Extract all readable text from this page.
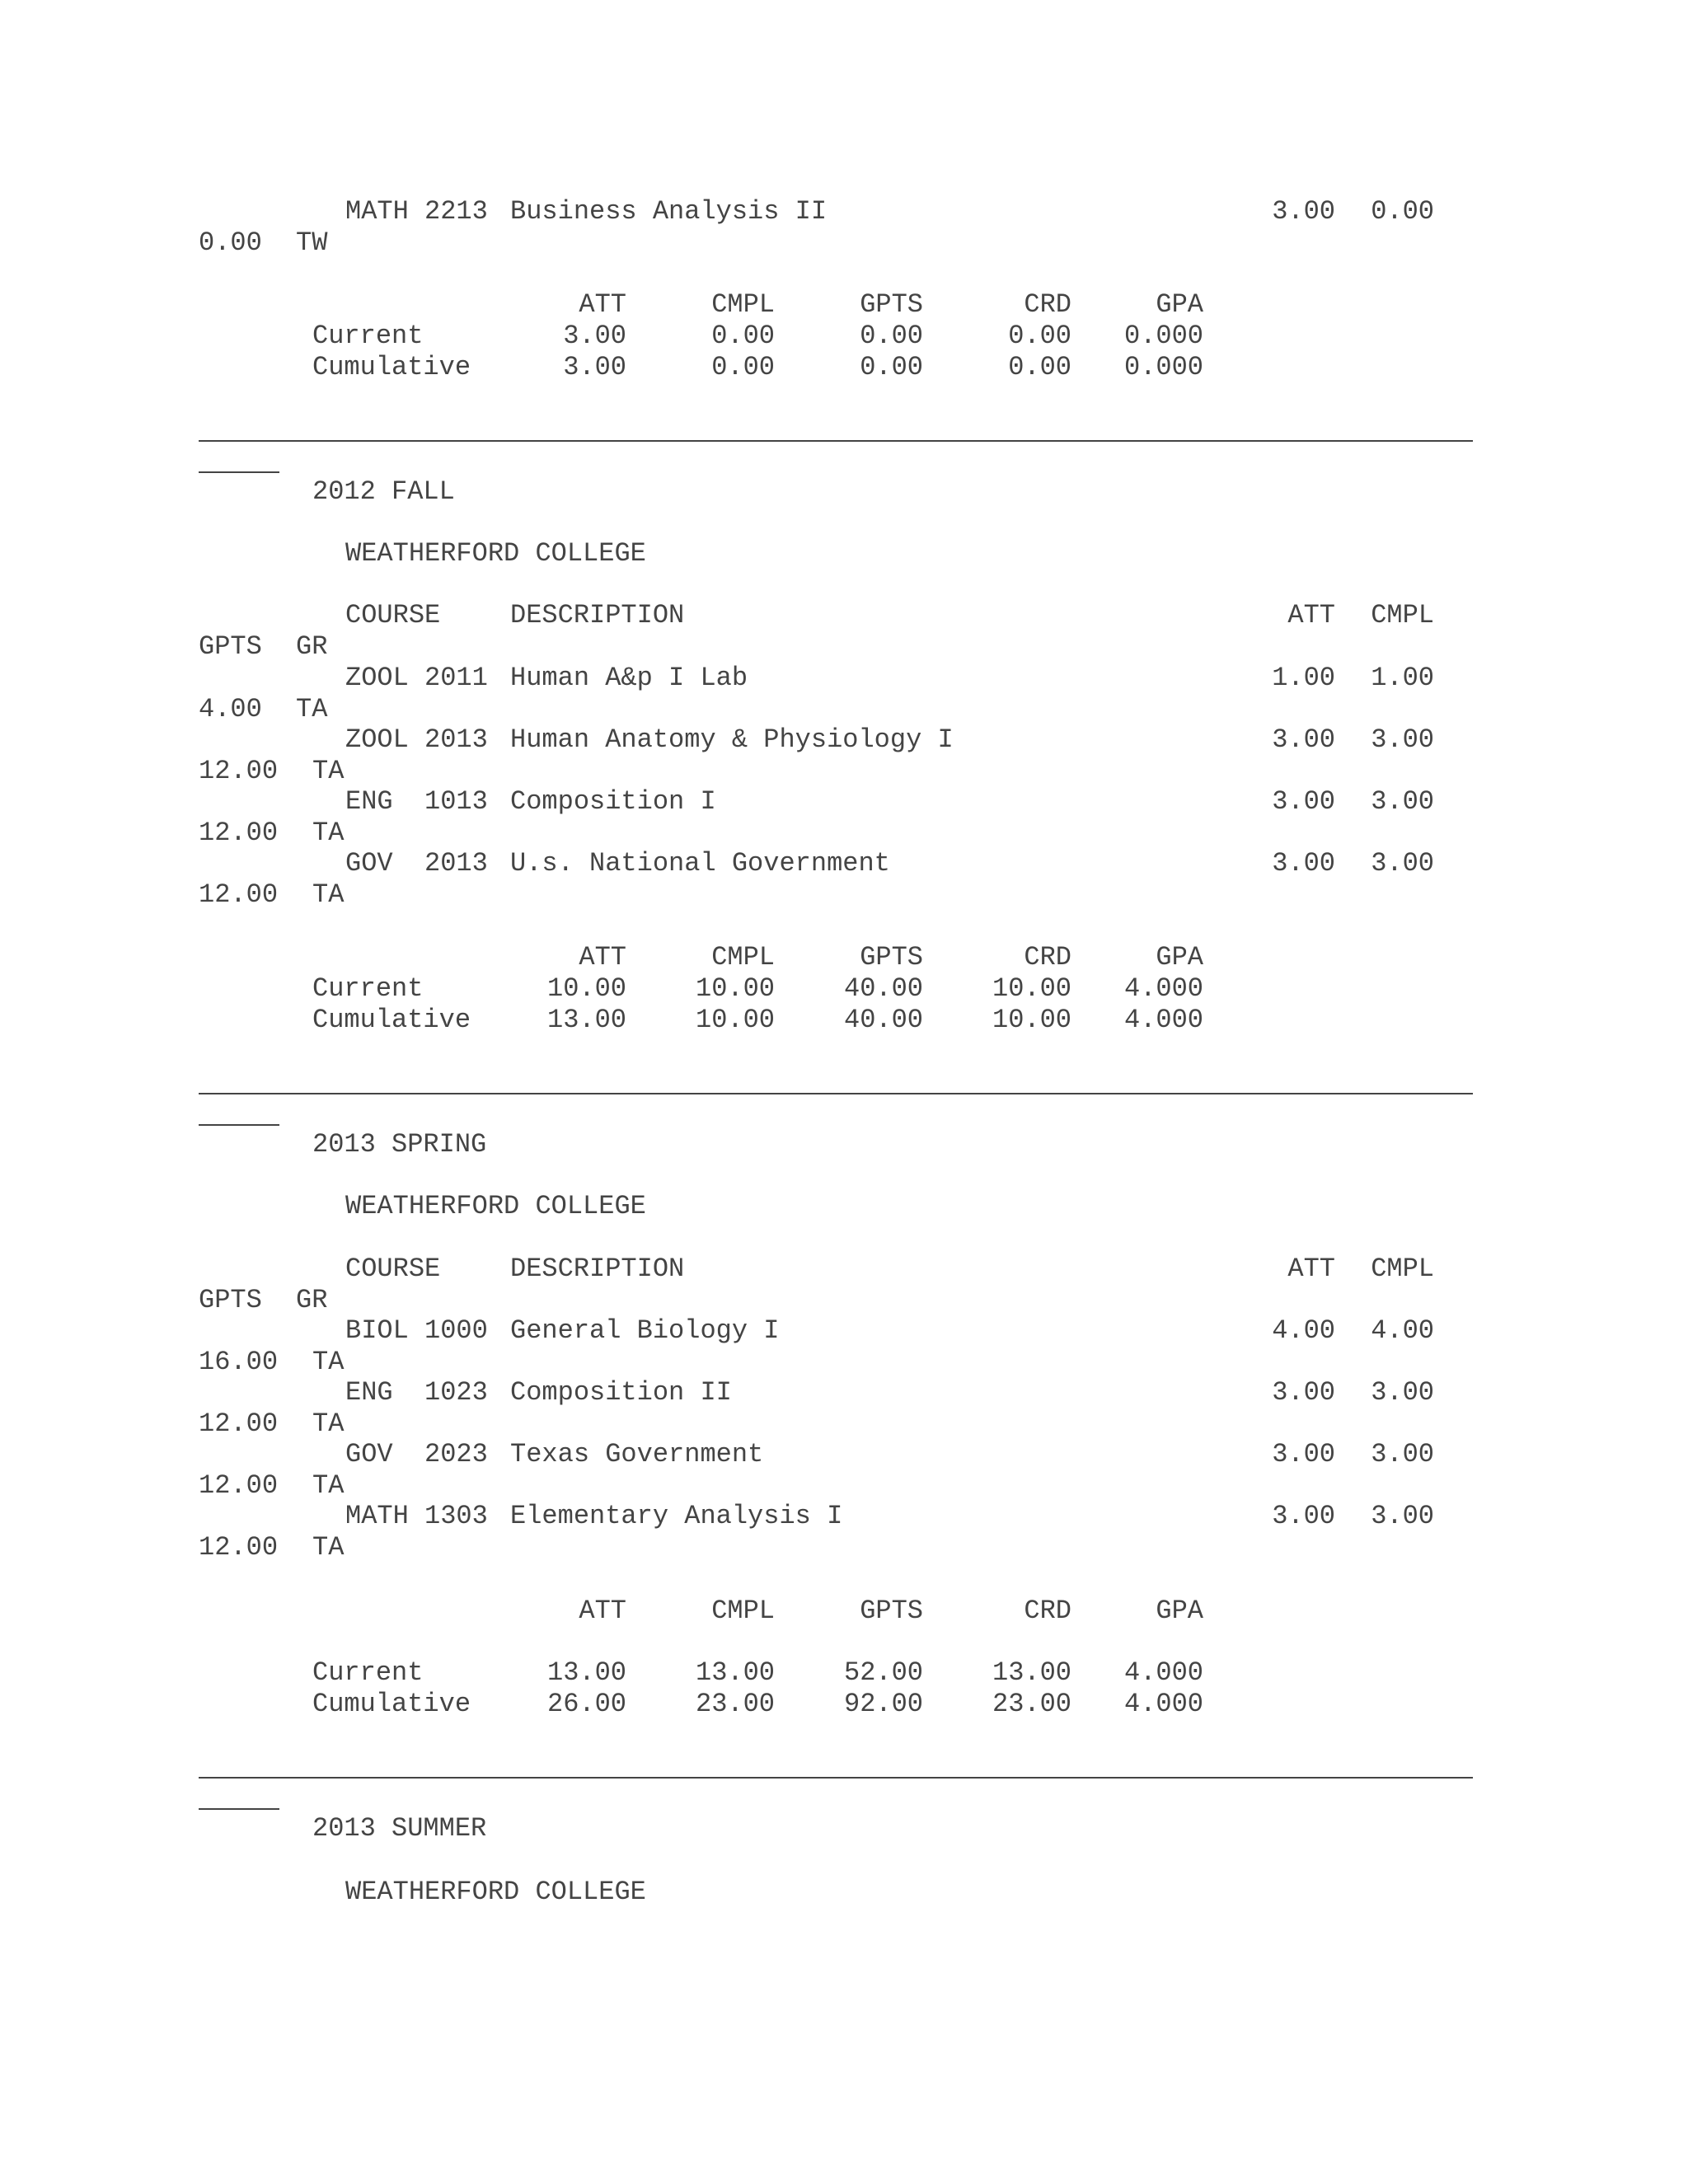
MATH 2213 Business Analysis II	3.00	0.00
0.00 TW
ATT	CMPL	GPTS	CRD	GPA
Current	3.00	0.00	0.00	0.00	0.000
Cumulative	3.00	0.00	0.00	0.00	0.000
2012 FALL
WEATHERFORD COLLEGE
COURSE	DESCRIPTION	ATT	CMPL
GPTS GR
ZOOL 2011 Human A&p I Lab	1.00	1.00
4.00 TA
ZOOL 2013 Human Anatomy & Physiology I	3.00	3.00
12.00 TA
ENG  1013 Composition I	3.00	3.00
12.00 TA
GOV  2013 U.s. National Government	3.00	3.00
12.00 TA
ATT	CMPL	GPTS	CRD	GPA
Current	10.00	10.00	40.00	10.00	4.000
Cumulative	13.00	10.00	40.00	10.00	4.000
2013 SPRING
WEATHERFORD COLLEGE
COURSE	DESCRIPTION	ATT	CMPL
GPTS GR
BIOL 1000 General Biology I	4.00	4.00
16.00 TA
ENG  1023 Composition II	3.00	3.00
12.00 TA
GOV  2023 Texas Government	3.00	3.00
12.00 TA
MATH 1303 Elementary Analysis I	3.00	3.00
12.00 TA
ATT	CMPL	GPTS	CRD	GPA
Current	13.00	13.00	52.00	13.00	4.000
Cumulative	26.00	23.00	92.00	23.00	4.000
2013 SUMMER
WEATHERFORD COLLEGE
